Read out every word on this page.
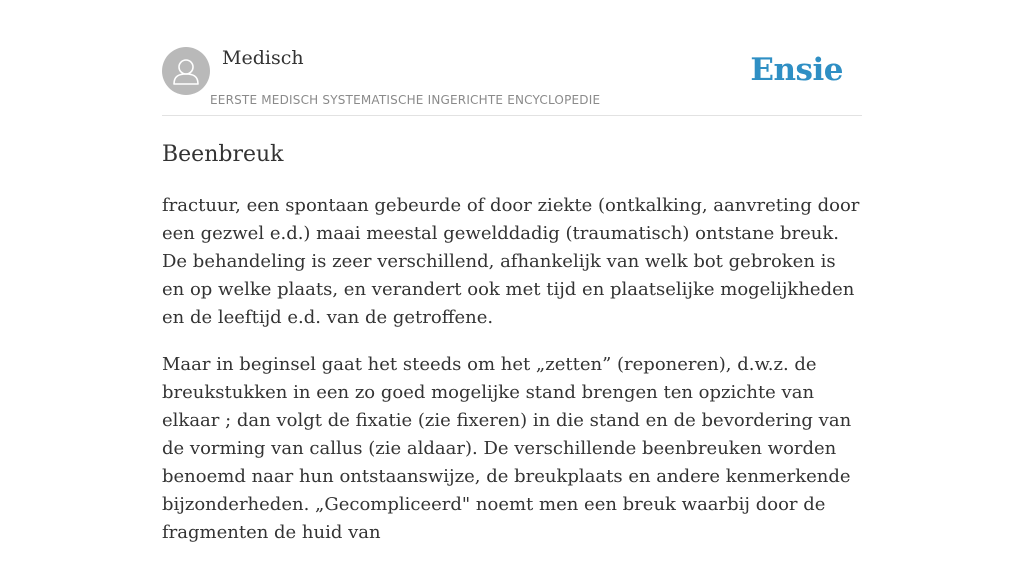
Medisch
EERSTE MEDISCH SYSTEMATISCHE INGERICHTE ENCYCLOPEDIE
Ensie
Beenbreuk

fractuur, een spontaan gebeurde of door ziekte (ontkalking, aanvreting door een gezwel e.d.) maai meestal gewelddadig (traumatisch) ontstane breuk. De behandeling is zeer verschillend, afhankelijk van welk bot gebroken is en op welke plaats, en verandert ook met tijd en plaatselijke mogelijkheden en de leeftijd e.d. van de getroffene.

Maar in beginsel gaat het steeds om het „zetten” (reponeren), d.w.z. de breukstukken in een zo goed mogelijke stand brengen ten opzichte van elkaar ; dan volgt de fixatie (zie fixeren) in die stand en de bevordering van de vorming van callus (zie aldaar). De verschillende beenbreuken worden benoemd naar hun ontstaanswijze, de breukplaats en andere kenmerkende bijzonderheden. „Gecompliceerd" noemt men een breuk waarbij door de fragmenten de huid van
